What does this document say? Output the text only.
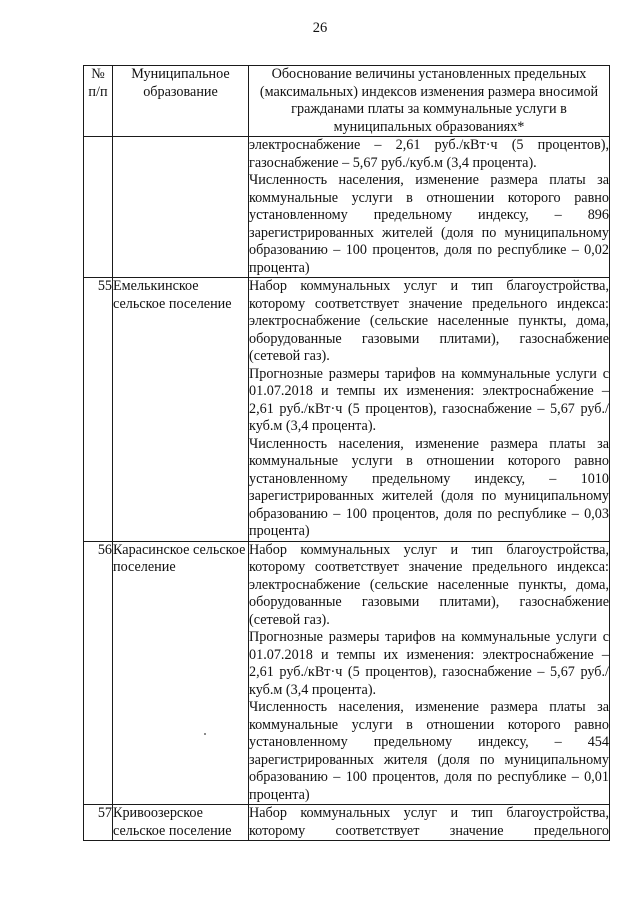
26
№ п/п	Муниципальное образование	Обоснование величины установленных предельных (максимальных) индексов изменения размера вносимой гражданами платы за коммунальные услуги в муниципальных образованиях*

		электроснабжение – 2,61 руб./кВт·ч (5 процентов), газоснабжение – 5,67 руб./куб.м (3,4 процента).
Численность населения, изменение размера платы за коммунальные услуги в отношении которого равно установленному предельному индексу, – 896 зарегистрированных жителей (доля по муниципальному образованию – 100 процентов, доля по республике – 0,02 процента)

55	Емелькинское сельское поселение	Набор коммунальных услуг и тип благоустройства, которому соответствует значение предельного индекса: электроснабжение (сельские населенные пункты, дома, оборудованные газовыми плитами), газоснабжение (сетевой газ).
Прогнозные размеры тарифов на коммунальные услуги с 01.07.2018 и темпы их изменения: электроснабжение – 2,61 руб./кВт·ч (5 процентов), газоснабжение – 5,67 руб./куб.м (3,4 процента).
Численность населения, изменение размера платы за коммунальные услуги в отношении которого равно установленному предельному индексу, – 1010 зарегистрированных жителей (доля по муниципальному образованию – 100 процентов, доля по республике – 0,03 процента)

56	Карасинское сельское поселение	Набор коммунальных услуг и тип благоустройства, которому соответствует значение предельного индекса: электроснабжение (сельские населенные пункты, дома, оборудованные газовыми плитами), газоснабжение (сетевой газ).
Прогнозные размеры тарифов на коммунальные услуги с 01.07.2018 и темпы их изменения: электроснабжение – 2,61 руб./кВт·ч (5 процентов), газоснабжение – 5,67 руб./куб.м (3,4 процента).
Численность населения, изменение размера платы за коммунальные услуги в отношении которого равно установленному предельному индексу, – 454 зарегистрированных жителя (доля по муниципальному образованию – 100 процентов, доля по республике – 0,01 процента)

57	Кривоозерское сельское поселение	Набор коммунальных услуг и тип благоустройства, которому соответствует значение предельного
